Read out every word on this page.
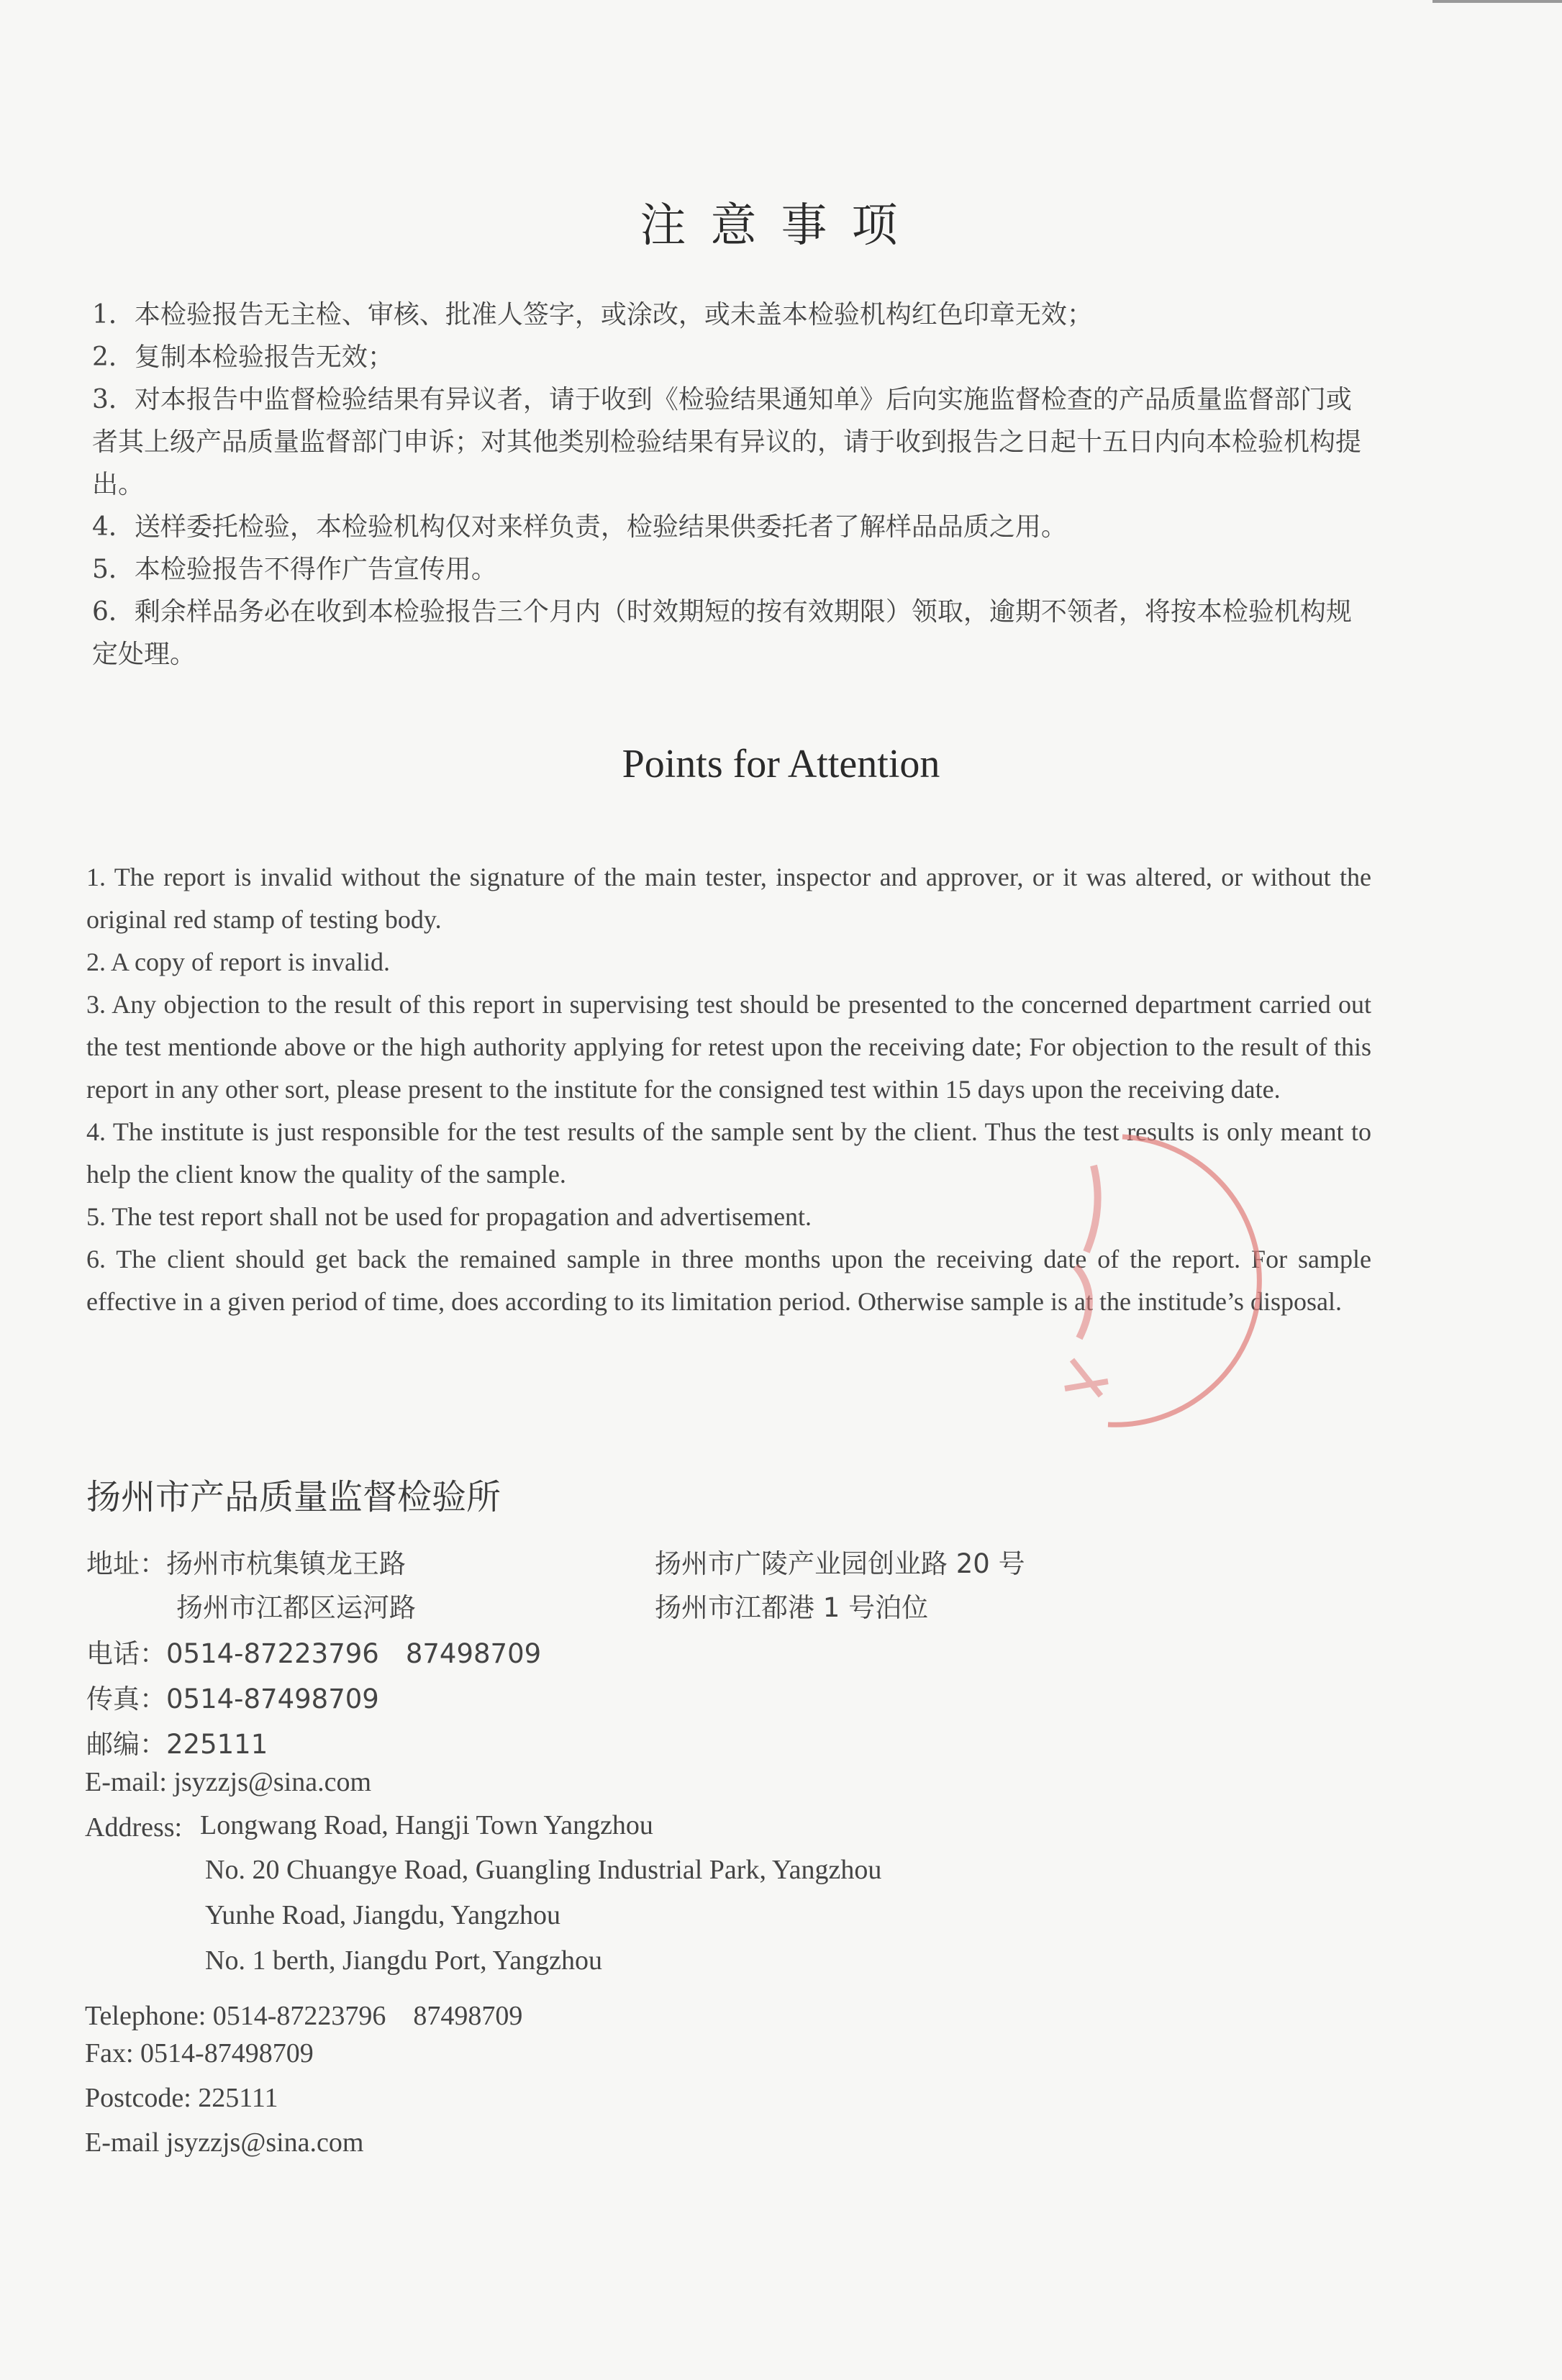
注意事项

1．本检验报告无主检、审核、批准人签字，或涂改，或未盖本检验机构红色印章无效；

2．复制本检验报告无效；

3．对本报告中监督检验结果有异议者，请于收到《检验结果通知单》后向实施监督检查的产品质量监督部门或者其上级产品质量监督部门申诉；对其他类别检验结果有异议的，请于收到报告之日起十五日内向本检验机构提出。

4．送样委托检验，本检验机构仅对来样负责，检验结果供委托者了解样品品质之用。

5．本检验报告不得作广告宣传用。

6．剩余样品务必在收到本检验报告三个月内（时效期短的按有效期限）领取，逾期不领者，将按本检验机构规定处理。

Points for Attention

1. The report is invalid without the signature of the main tester, inspector and approver, or it was altered, or without the original red stamp of testing body.

2. A copy of report is invalid.

3. Any objection to the result of this report in supervising test should be presented to the concerned department carried out the test mentionde above or the high authority applying for retest upon the receiving date; For objection to the result of this report in any other sort, please present to the institute for the consigned test within 15 days upon the receiving date.

4. The institute is just responsible for the test results of the sample sent by the client. Thus the test results is only meant to help the client know the quality of the sample.

5. The test report shall not be used for propagation and advertisement.

6. The client should get back the remained sample in three months upon the receiving date of the report. For sample effective in a given period of time, does according to its limitation period. Otherwise sample is at the institude’s disposal.

扬州市产品质量监督检验所
地址：扬州市杭集镇龙王路	扬州市广陵产业园创业路 20 号
扬州市江都区运河路	扬州市江都港 1 号泊位
电话：0514-87223796　87498709
传真：0514-87498709
邮编：225111
E-mail: jsyzzjs@sina.com
Address: Longwang Road, Hangji Town Yangzhou
No. 20 Chuangye Road, Guangling Industrial Park, Yangzhou
Yunhe Road, Jiangdu, Yangzhou
No. 1 berth, Jiangdu Port, Yangzhou
Telephone: 0514-87223796　87498709
Fax: 0514-87498709
Postcode: 225111
E-mail jsyzzjs@sina.com
